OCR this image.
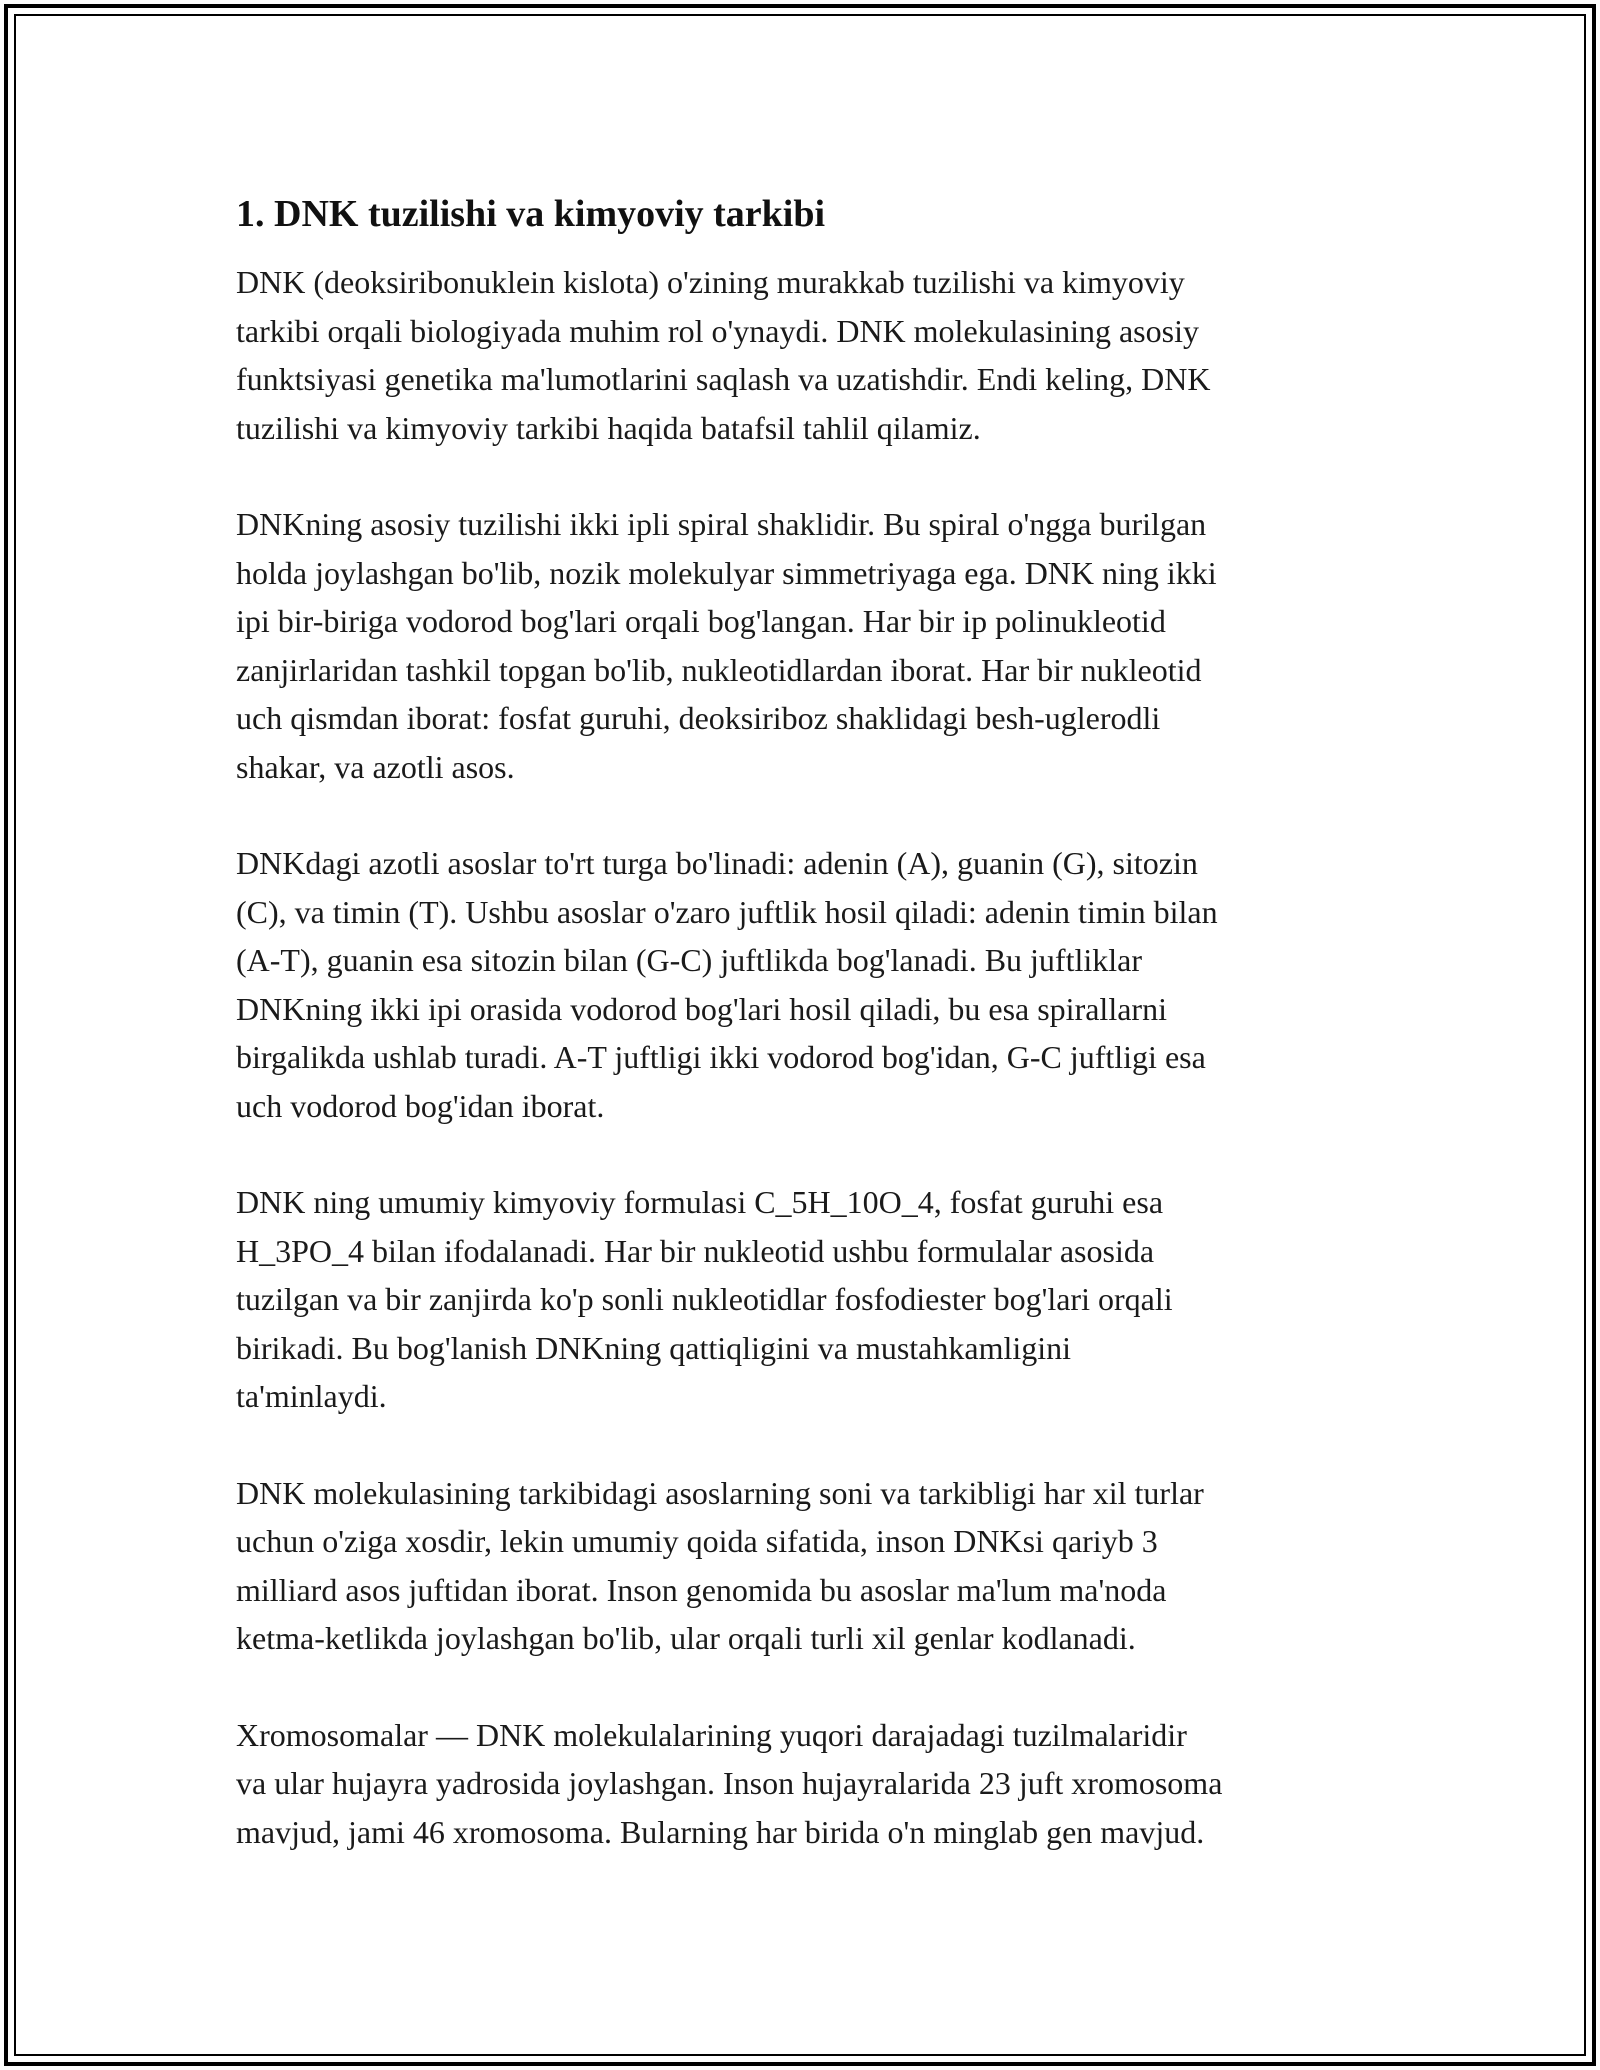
1. DNK tuzilishi va kimyoviy tarkibi

DNK (deoksiribonuklein kislota) o'zining murakkab tuzilishi va kimyoviy
tarkibi orqali biologiyada muhim rol o'ynaydi. DNK molekulasining asosiy
funktsiyasi genetika ma'lumotlarini saqlash va uzatishdir. Endi keling, DNK
tuzilishi va kimyoviy tarkibi haqida batafsil tahlil qilamiz.

DNKning asosiy tuzilishi ikki ipli spiral shaklidir. Bu spiral o'ngga burilgan
holda joylashgan bo'lib, nozik molekulyar simmetriyaga ega. DNK ning ikki
ipi bir-biriga vodorod bog'lari orqali bog'langan. Har bir ip polinukleotid
zanjirlaridan tashkil topgan bo'lib, nukleotidlardan iborat. Har bir nukleotid
uch qismdan iborat: fosfat guruhi, deoksiriboz shaklidagi besh-uglerodli
shakar, va azotli asos.

DNKdagi azotli asoslar to'rt turga bo'linadi: adenin (A), guanin (G), sitozin
(C), va timin (T). Ushbu asoslar o'zaro juftlik hosil qiladi: adenin timin bilan
(A-T), guanin esa sitozin bilan (G-C) juftlikda bog'lanadi. Bu juftliklar
DNKning ikki ipi orasida vodorod bog'lari hosil qiladi, bu esa spirallarni
birgalikda ushlab turadi. A-T juftligi ikki vodorod bog'idan, G-C juftligi esa
uch vodorod bog'idan iborat.

DNK ning umumiy kimyoviy formulasi C_5H_10O_4, fosfat guruhi esa
H_3PO_4 bilan ifodalanadi. Har bir nukleotid ushbu formulalar asosida
tuzilgan va bir zanjirda ko'p sonli nukleotidlar fosfodiester bog'lari orqali
birikadi. Bu bog'lanish DNKning qattiqligini va mustahkamligini
ta'minlaydi.

DNK molekulasining tarkibidagi asoslarning soni va tarkibligi har xil turlar
uchun o'ziga xosdir, lekin umumiy qoida sifatida, inson DNKsi qariyb 3
milliard asos juftidan iborat. Inson genomida bu asoslar ma'lum ma'noda
ketma-ketlikda joylashgan bo'lib, ular orqali turli xil genlar kodlanadi.

Xromosomalar — DNK molekulalarining yuqori darajadagi tuzilmalaridir
va ular hujayra yadrosida joylashgan. Inson hujayralarida 23 juft xromosoma
mavjud, jami 46 xromosoma. Bularning har birida o'n minglab gen mavjud.
